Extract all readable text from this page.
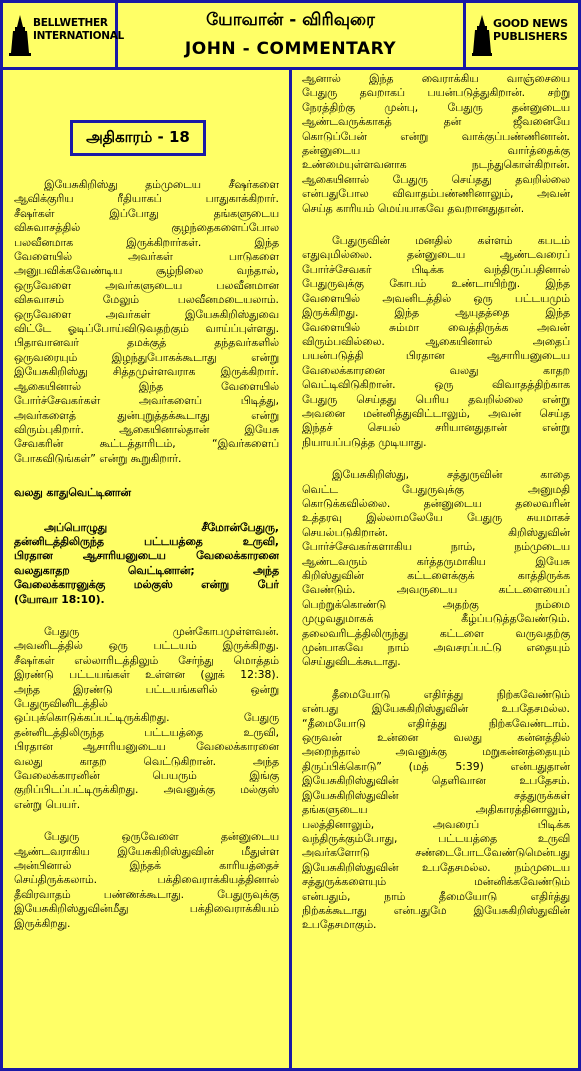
BELLWETHER
INTERNATIONAL
யோவான் - விரிவுரை
JOHN - COMMENTARY
GOOD NEWS
PUBLISHERS
அதிகாரம் - 18
இயேசுகிறிஸ்து தம்முடைய சீஷர்களை
ஆவிக்குரிய ரீதியாகப் பாதுகாக்கிறார்.
சீஷர்கள் இப்போது தங்களுடைய
விசுவாசத்தில் குழந்தைகளைப்போல
பலவீனமாக இருக்கிறார்கள். இந்த
வேளையில் அவர்கள் பாடுகளை
அனுபவிக்கவேண்டிய சூழ்நிலை வந்தால்,
ஒருவேளை அவர்களுடைய பலவீனமான
விசுவாசம் மேலும் பலவீனமடையலாம்.
ஒருவேளை அவர்கள் இயேசுகிறிஸ்துவை
விட்டே ஓடிப்போய்விடுவதற்கும் வாய்ப்புள்ளது.
பிதாவானவர் தமக்குத் தந்தவர்களில்
ஒருவரையும் இழந்துபோகக்கூடாது என்று
இயேசுகிறிஸ்து சித்தமுள்ளவராக இருக்கிறார்.
ஆகையினால் இந்த வேளையில்
போர்ச்சேவகர்கள் அவர்களைப் பிடித்து,
அவர்களைத் துன்புறுத்தக்கூடாது என்று
விரும்புகிறார். ஆகையினால்தான் இயேசு
சேவகரின் கூட்டத்தாரிடம், “இவர்களைப்
போகவிடுங்கள்” என்று கூறுகிறார்.
வலது காதுவெட்டினான்
அப்பொழுது சீமோன்பேதுரு,
தன்னிடத்திலிருந்த பட்டயத்தை உருவி,
பிரதான ஆசாரியனுடைய வேலைக்காரனை
வலதுகாதற வெட்டினான்; அந்த
வேலைக்காரனுக்கு மல்குஸ் என்று பேர்
(யோவா 18:10).
பேதுரு முன்கோபமுள்ளவன்.
அவனிடத்தில் ஒரு பட்டயம் இருக்கிறது.
சீஷர்கள் எல்லாரிடத்திலும் சேர்ந்து மொத்தம்
இரண்டு பட்டயங்கள் உள்ளன (லூக் 12:38).
அந்த இரண்டு பட்டயங்களில் ஒன்று
பேதுருவினிடத்தில்
ஒப்புக்கொடுக்கப்பட்டிருக்கிறது. பேதுரு
தன்னிடத்திலிருந்த பட்டயத்தை உருவி,
பிரதான ஆசாரியனுடைய வேலைக்காரனை
வலது காதற வெட்டுகிறான். அந்த
வேலைக்காரனின் பெயரும் இங்கு
குறிப்பிடப்பட்டிருக்கிறது. அவனுக்கு மல்குஸ்
என்று பெயர்.
பேதுரு ஒருவேளை தன்னுடைய
ஆண்டவராகிய இயேசுகிறிஸ்துவின் மீதுள்ள
அன்பினால் இந்தக் காரியத்தைச்
செய்திருக்கலாம். பக்திவைராக்கியத்தினால்
தீவிரவாதம் பண்ணக்கூடாது. பேதுருவுக்கு
இயேசுகிறிஸ்துவின்மீது பக்திவைராக்கியம்
இருக்கிறது.
ஆனால் இந்த வைராக்கிய வாஞ்சையை
பேதுரு தவறாகப் பயன்படுத்துகிறான். சற்று
நேரத்திற்கு முன்பு, பேதுரு தன்னுடைய
ஆண்டவருக்காகத் தன் ஜீவனையே
கொடுப்பேன் என்று வாக்குப்பண்ணினான்.
தன்னுடைய வார்த்தைக்கு
உண்மையுள்ளவனாக நடந்துகொள்கிறான்.
ஆகையினால் பேதுரு செய்தது தவறில்லை
என்பதுபோல விவாதம்பண்ணினாலும், அவன்
செய்த காரியம் மெய்யாகவே தவறானதுதான்.
பேதுருவின் மனதில் கள்ளம் கபடம்
எதுவுமில்லை. தன்னுடைய ஆண்டவரைப்
போர்ச்சேவகர் பிடிக்க வந்திருப்பதினால்
பேதுருவுக்கு கோபம் உண்டாயிற்று. இந்த
வேளையில் அவனிடத்தில் ஒரு பட்டயமும்
இருக்கிறது. இந்த ஆயுதத்தை இந்த
வேளையில் சும்மா வைத்திருக்க அவன்
விரும்பவில்லை. ஆகையினால் அதைப்
பயன்படுத்தி பிரதான ஆசாரியனுடைய
வேலைக்காரனை வலது காதற
வெட்டிவிடுகிறான். ஒரு விவாதத்திற்காக
பேதுரு செய்தது பெரிய தவறில்லை என்று
அவனை மன்னித்துவிட்டாலும், அவன் செய்த
இந்தச் செயல் சரியானதுதான் என்று
நியாயப்படுத்த முடியாது.
இயேசுகிறிஸ்து, சத்துருவின் காதை
வெட்ட பேதுருவுக்கு அனுமதி
கொடுக்கவில்லை. தன்னுடைய தலைவரின்
உத்தரவு இல்லாமலேயே பேதுரு சுயமாகச்
செயல்படுகிறான். கிறிஸ்துவின்
போர்ச்சேவகர்களாகிய நாம், நம்முடைய
ஆண்டவரும் கர்த்தருமாகிய இயேசு
கிறிஸ்துவின் கட்டளைக்குக் காத்திருக்க
வேண்டும். அவருடைய கட்டளையைப்
பெற்றுக்கொண்டு அதற்கு நம்மை
முழுவதுமாகக் கீழ்ப்படுத்தவேண்டும்.
தலைவரிடத்திலிருந்து கட்டளை வருவதற்கு
முன்பாகவே நாம் அவசரப்பட்டு எதையும்
செய்துவிடக்கூடாது.
தீமையோடு எதிர்த்து நிற்கவேண்டும்
என்பது இயேசுகிறிஸ்துவின் உபதேசமல்ல.
“தீமையோடு எதிர்த்து நிற்கவேண்டாம்.
ஒருவன் உன்னை வலது கன்னத்தில்
அறைந்தால் அவனுக்கு மறுகன்னத்தையும்
திருப்பிக்கொடு” (மத் 5:39) என்பதுதான்
இயேசுகிறிஸ்துவின் தெளிவான உபதேசம்.
இயேசுகிறிஸ்துவின் சத்துருக்கள்
தங்களுடைய அதிகாரத்தினாலும்,
பலத்தினாலும், அவரைப் பிடிக்க
வந்திருக்கும்போது, பட்டயத்தை உருவி
அவர்களோடு சண்டைபோடவேண்டுமென்பது
இயேசுகிறிஸ்துவின் உபதேசமல்ல. நம்முடைய
சத்துருக்களையும் மன்னிக்கவேண்டும்
என்பதும், நாம் தீமையோடு எதிர்த்து
நிற்கக்கூடாது என்பதுமே இயேசுகிறிஸ்துவின்
உபதேசமாகும்.
